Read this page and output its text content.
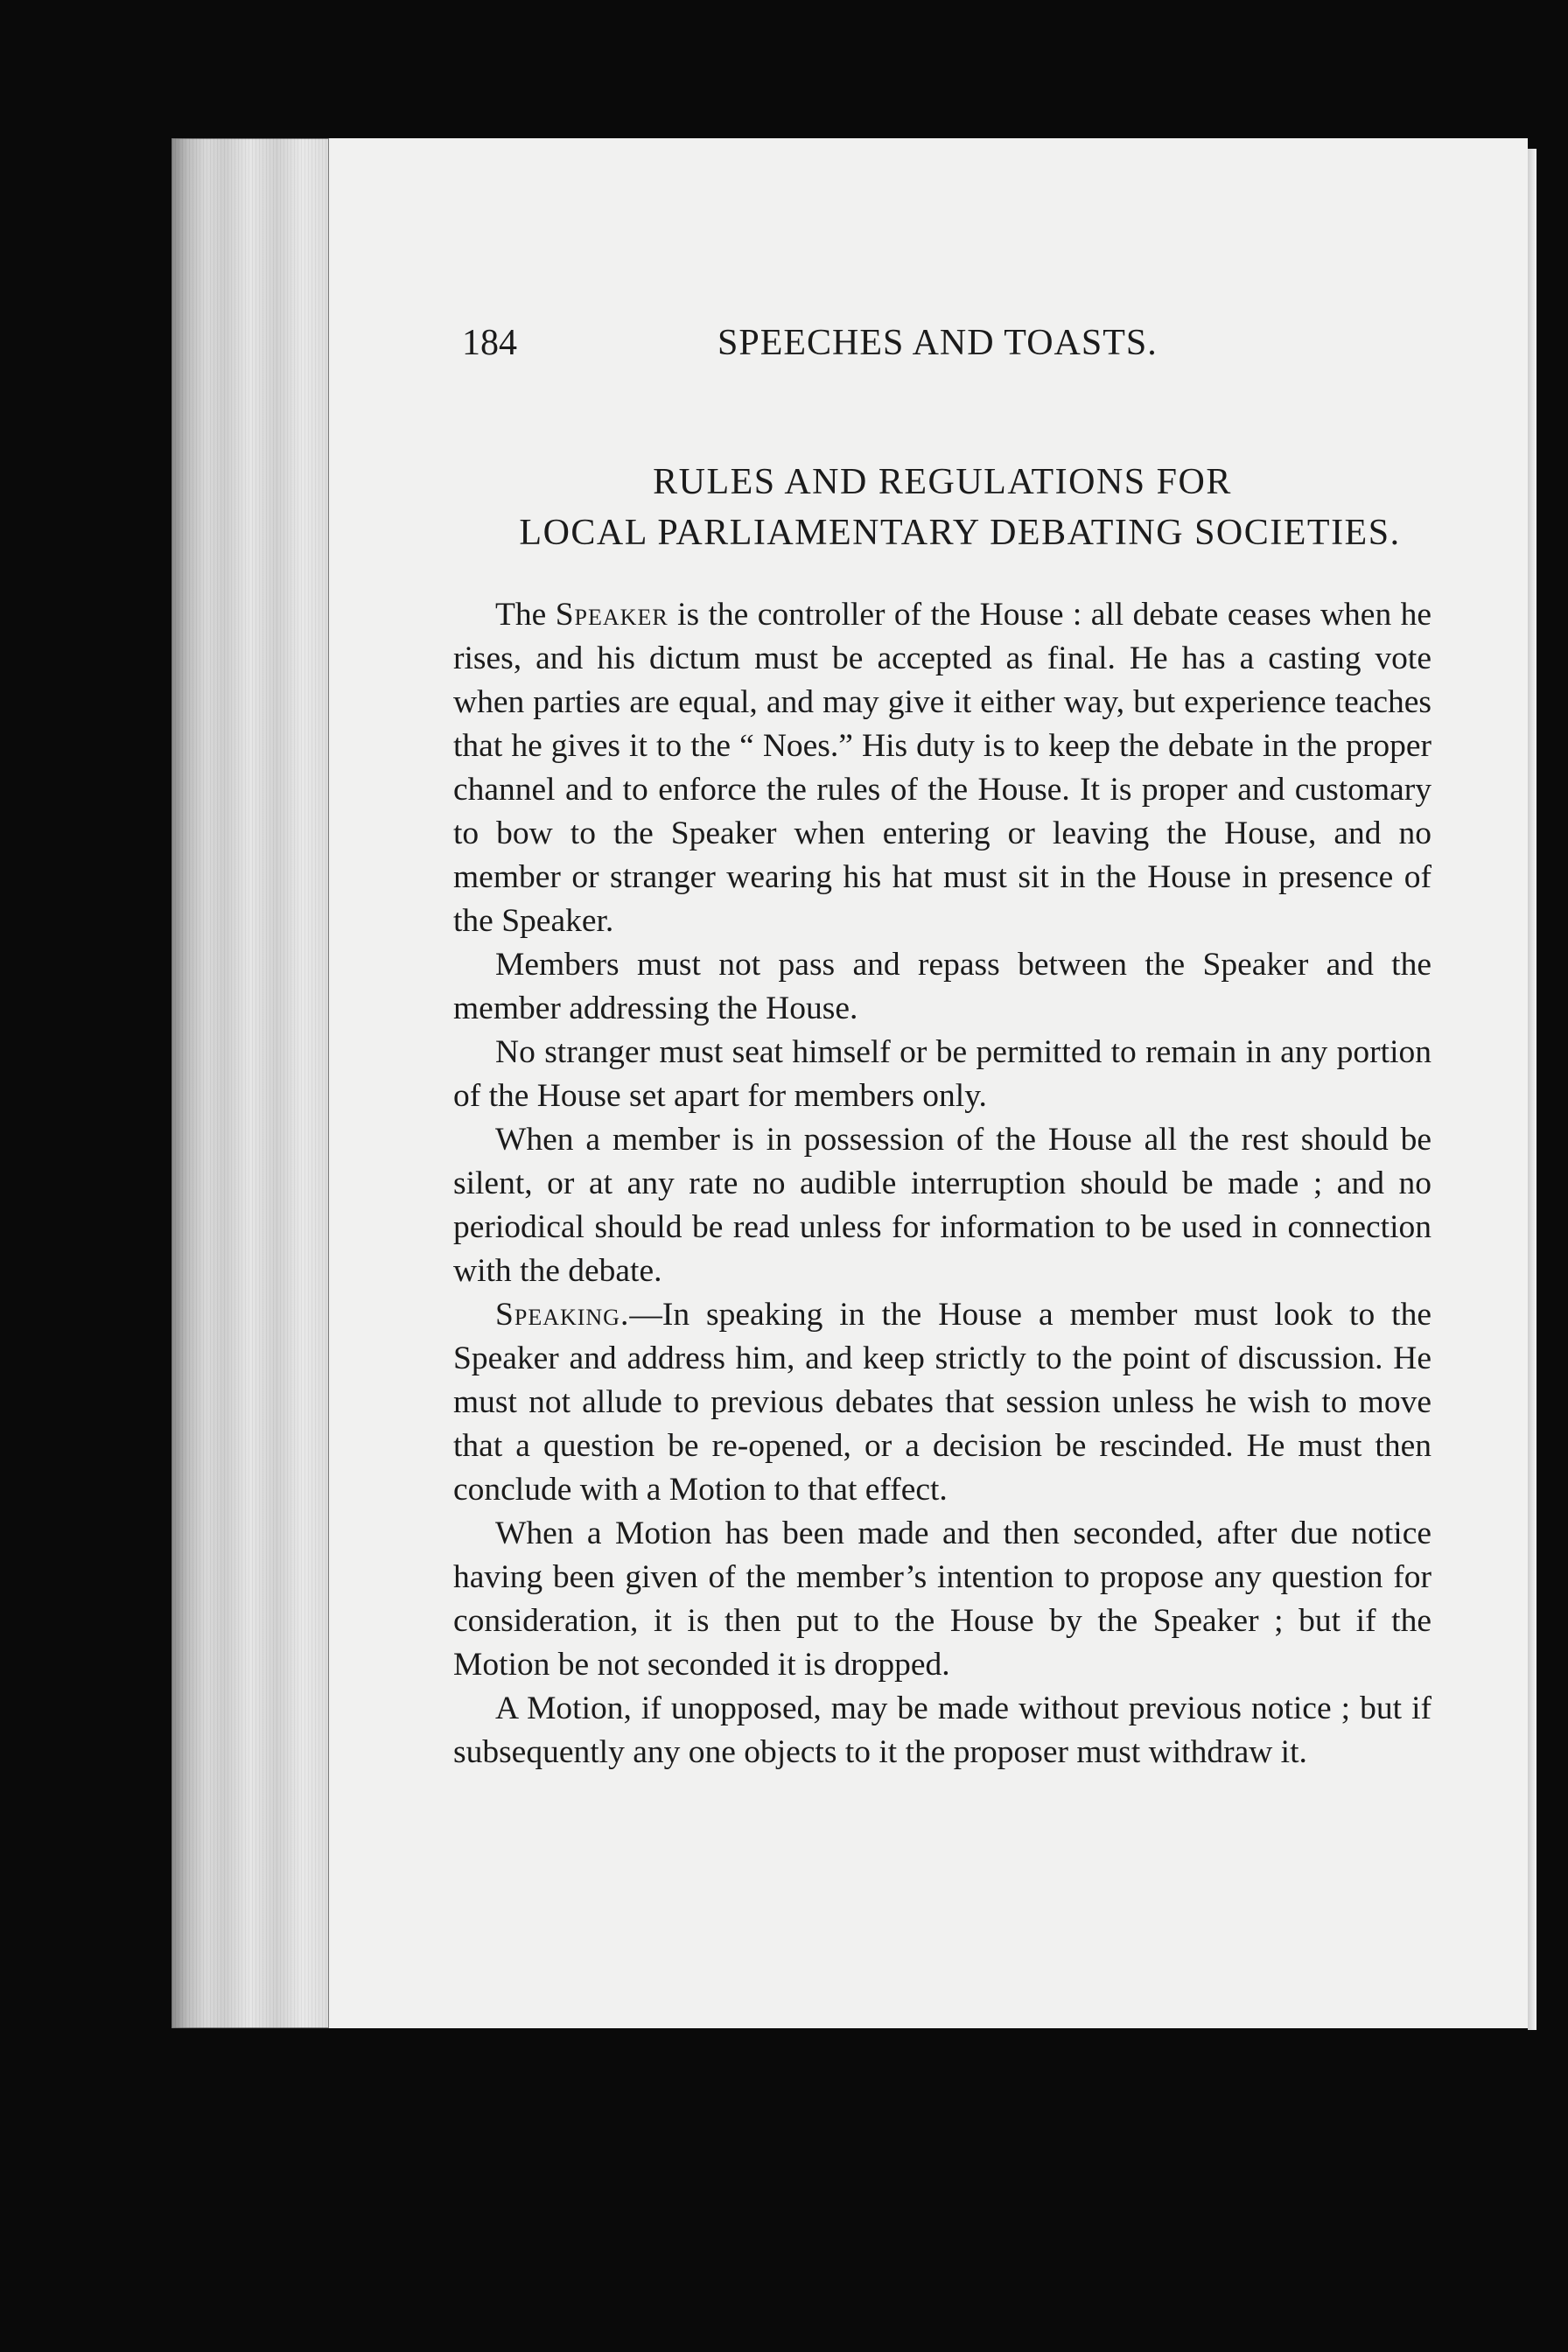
184	SPEECHES AND TOASTS.
RULES AND REGULATIONS FOR
LOCAL PARLIAMENTARY DEBATING SOCIETIES.

The Speaker is the controller of the House : all debate ceases when he rises, and his dictum must be accepted as final. He has a casting vote when parties are equal, and may give it either way, but experience teaches that he gives it to the “ Noes.” His duty is to keep the debate in the proper channel and to enforce the rules of the House. It is proper and customary to bow to the Speaker when entering or leaving the House, and no member or stranger wearing his hat must sit in the House in presence of the Speaker.

Members must not pass and repass between the Speaker and the member addressing the House.

No stranger must seat himself or be permitted to remain in any portion of the House set apart for members only.

When a member is in possession of the House all the rest should be silent, or at any rate no audible interruption should be made ; and no periodical should be read unless for information to be used in connection with the debate.

Speaking.—In speaking in the House a member must look to the Speaker and address him, and keep strictly to the point of discussion. He must not allude to previous debates that session unless he wish to move that a question be re-opened, or a decision be rescinded. He must then conclude with a Motion to that effect.

When a Motion has been made and then seconded, after due notice having been given of the member’s intention to propose any question for consideration, it is then put to the House by the Speaker ; but if the Motion be not seconded it is dropped.

A Motion, if unopposed, may be made without previous notice ; but if subsequently any one objects to it the proposer must withdraw it.
